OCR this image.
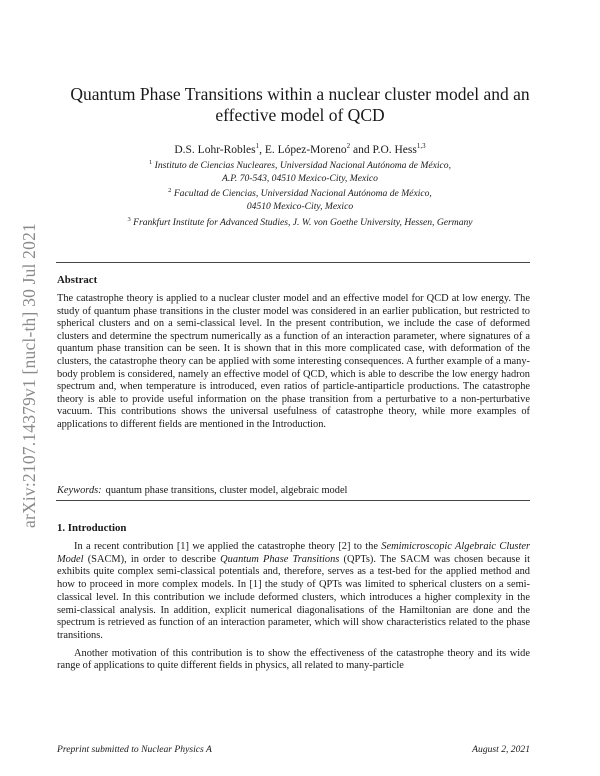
arXiv:2107.14379v1 [nucl-th] 30 Jul 2021
Quantum Phase Transitions within a nuclear cluster model and an effective model of QCD
D.S. Lohr-Robles$^1$, E. López-Moreno$^2$ and P.O. Hess$^{1,3}$

$^1$ Instituto de Ciencias Nucleares, Universidad Nacional Autónoma de México,

A.P. 70-543, 04510 Mexico-City, Mexico

$^2$ Facultad de Ciencias, Universidad Nacional Autónoma de México,

04510 Mexico-City, Mexico

$^3$ Frankfurt Institute for Advanced Studies, J. W. von Goethe University, Hessen, Germany

Abstract

The catastrophe theory is applied to a nuclear cluster model and an effective model for QCD at low energy. The study of quantum phase transitions in the cluster model was considered in an earlier publication, but restricted to spherical clusters and on a semi-classical level. In the present contribution, we include the case of deformed clusters and determine the spectrum numerically as a function of an interaction parameter, where signatures of a quantum phase transition can be seen. It is shown that in this more complicated case, with deformation of the clusters, the catastrophe theory can be applied with some interesting consequences. A further example of a many-body problem is considered, namely an effective model of QCD, which is able to describe the low energy hadron spectrum and, when temperature is introduced, even ratios of particle-antiparticle productions. The catastrophe theory is able to provide useful information on the phase transition from a perturbative to a non-perturbative vacuum. This contributions shows the universal usefulness of catastrophe theory, while more examples of applications to different fields are mentioned in the Introduction.

Keywords: quantum phase transitions, cluster model, algebraic model

1. Introduction

In a recent contribution [1] we applied the catastrophe theory [2] to the Semimicroscopic Algebraic Cluster Model (SACM), in order to describe Quantum Phase Transitions (QPTs). The SACM was chosen because it exhibits quite complex semi-classical potentials and, therefore, serves as a test-bed for the applied method and how to proceed in more complex models. In [1] the study of QPTs was limited to spherical clusters on a semi-classical level. In this contribution we include deformed clusters, which introduces a higher complexity in the semi-classical analysis. In addition, explicit numerical diagonalisations of the Hamiltonian are done and the spectrum is retrieved as function of an interaction parameter, which will show characteristics related to the phase transitions.

Another motivation of this contribution is to show the effectiveness of the catastrophe theory and its wide range of applications to quite different fields in physics, all related to many-particle

Preprint submitted to Nuclear Physics A	August 2, 2021
